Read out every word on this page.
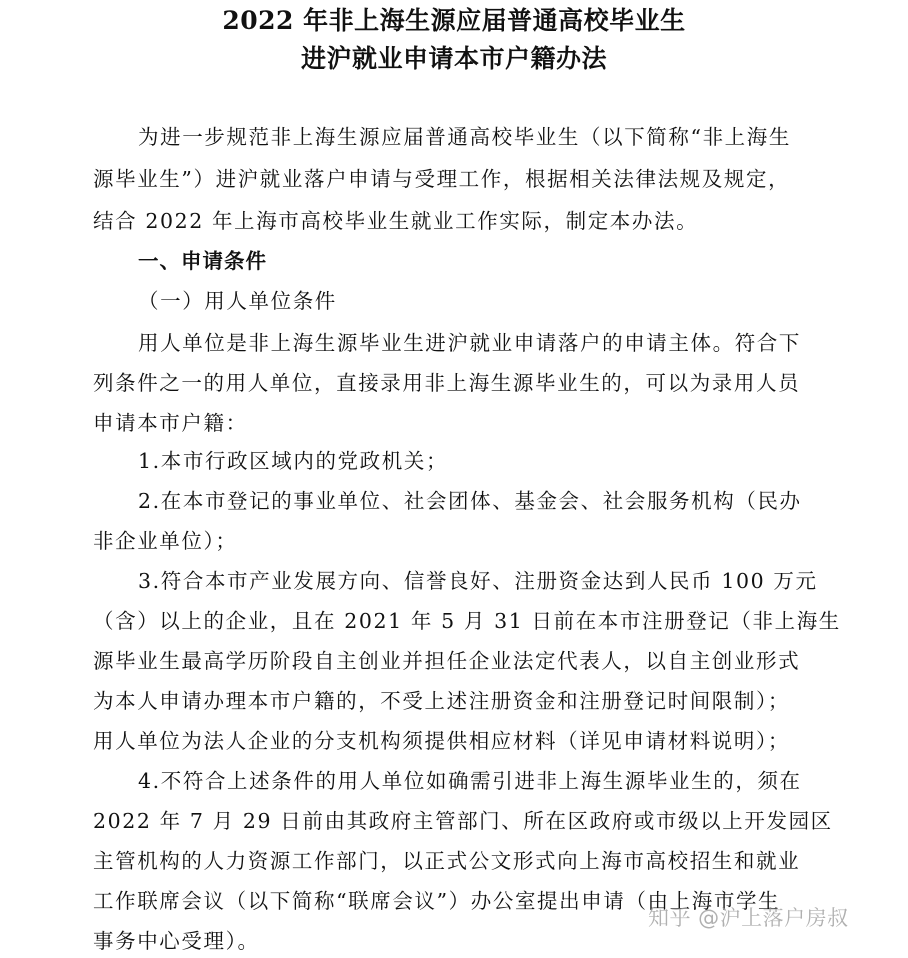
2022 年非上海生源应届普通高校毕业生
进沪就业申请本市户籍办法
为进一步规范非上海生源应届普通高校毕业生（以下简称“非上海生
源毕业生”）进沪就业落户申请与受理工作，根据相关法律法规及规定，
结合 2022 年上海市高校毕业生就业工作实际，制定本办法。
一、申请条件
（一）用人单位条件
用人单位是非上海生源毕业生进沪就业申请落户的申请主体。符合下
列条件之一的用人单位，直接录用非上海生源毕业生的，可以为录用人员
申请本市户籍：
1.本市行政区域内的党政机关；
2.在本市登记的事业单位、社会团体、基金会、社会服务机构（民办
非企业单位）；
3.符合本市产业发展方向、信誉良好、注册资金达到人民币 100 万元
（含）以上的企业，且在 2021 年 5 月 31 日前在本市注册登记（非上海生
源毕业生最高学历阶段自主创业并担任企业法定代表人，以自主创业形式
为本人申请办理本市户籍的，不受上述注册资金和注册登记时间限制）；
用人单位为法人企业的分支机构须提供相应材料（详见申请材料说明）；
4.不符合上述条件的用人单位如确需引进非上海生源毕业生的，须在
2022 年 7 月 29 日前由其政府主管部门、所在区政府或市级以上开发园区
主管机构的人力资源工作部门，以正式公文形式向上海市高校招生和就业
工作联席会议（以下简称“联席会议”）办公室提出申请（由上海市学生
事务中心受理）。
知乎 @沪上落户房叔
